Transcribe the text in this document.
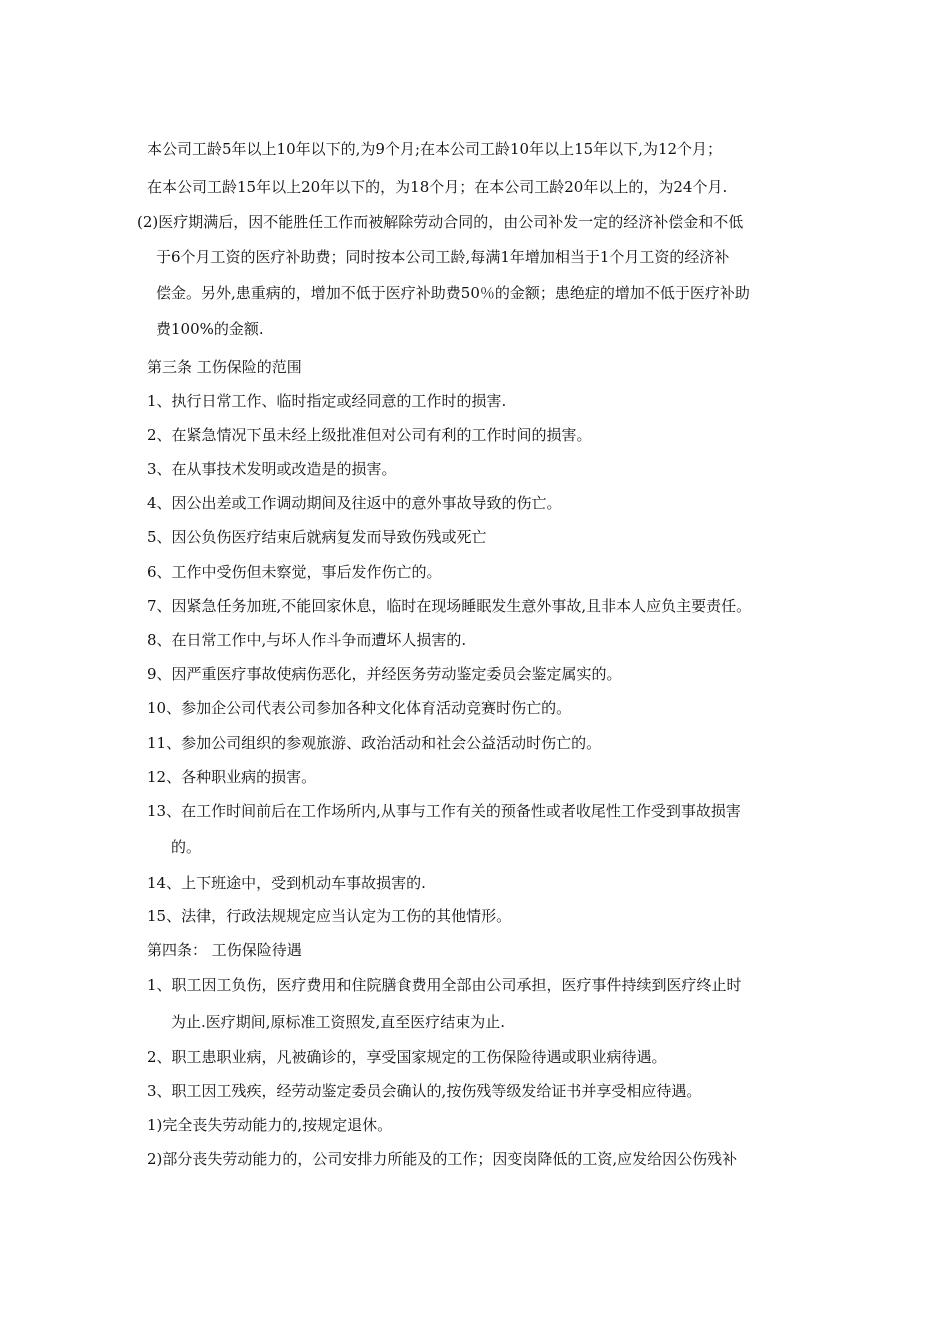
本公司工龄5年以上10年以下的,为9个月;在本公司工龄10年以上15年以下,为12个月；
在本公司工龄15年以上20年以下的，为18个月；在本公司工龄20年以上的，为24个月.
(2)医疗期满后，因不能胜任工作而被解除劳动合同的，由公司补发一定的经济补偿金和不低
于6个月工资的医疗补助费；同时按本公司工龄,每满1年增加相当于1个月工资的经济补
偿金。另外,患重病的，增加不低于医疗补助费50％的金额；患绝症的增加不低于医疗补助
费100%的金额.
第三条 工伤保险的范围
1、执行日常工作、临时指定或经同意的工作时的损害.
2、在紧急情况下虽未经上级批准但对公司有利的工作时间的损害。
3、在从事技术发明或改造是的损害。
4、因公出差或工作调动期间及往返中的意外事故导致的伤亡。
5、因公负伤医疗结束后就病复发而导致伤残或死亡
6、工作中受伤但未察觉，事后发作伤亡的。
7、因紧急任务加班,不能回家休息，临时在现场睡眠发生意外事故,且非本人应负主要责任。
8、在日常工作中,与坏人作斗争而遭坏人损害的.
9、因严重医疗事故使病伤恶化，并经医务劳动鉴定委员会鉴定属实的。
10、参加企公司代表公司参加各种文化体育活动竞赛时伤亡的。
11、参加公司组织的参观旅游、政治活动和社会公益活动时伤亡的。
12、各种职业病的损害。
13、在工作时间前后在工作场所内,从事与工作有关的预备性或者收尾性工作受到事故损害
的。
14、上下班途中，受到机动车事故损害的.
15、法律，行政法规规定应当认定为工伤的其他情形。
第四条： 工伤保险待遇
1、职工因工负伤，医疗费用和住院膳食费用全部由公司承担，医疗事件持续到医疗终止时
为止.医疗期间,原标准工资照发,直至医疗结束为止.
2、职工患职业病，凡被确诊的，享受国家规定的工伤保险待遇或职业病待遇。
3、职工因工残疾，经劳动鉴定委员会确认的,按伤残等级发给证书并享受相应待遇。
1)完全丧失劳动能力的,按规定退休。
2)部分丧失劳动能力的，公司安排力所能及的工作；因变岗降低的工资,应发给因公伤残补
